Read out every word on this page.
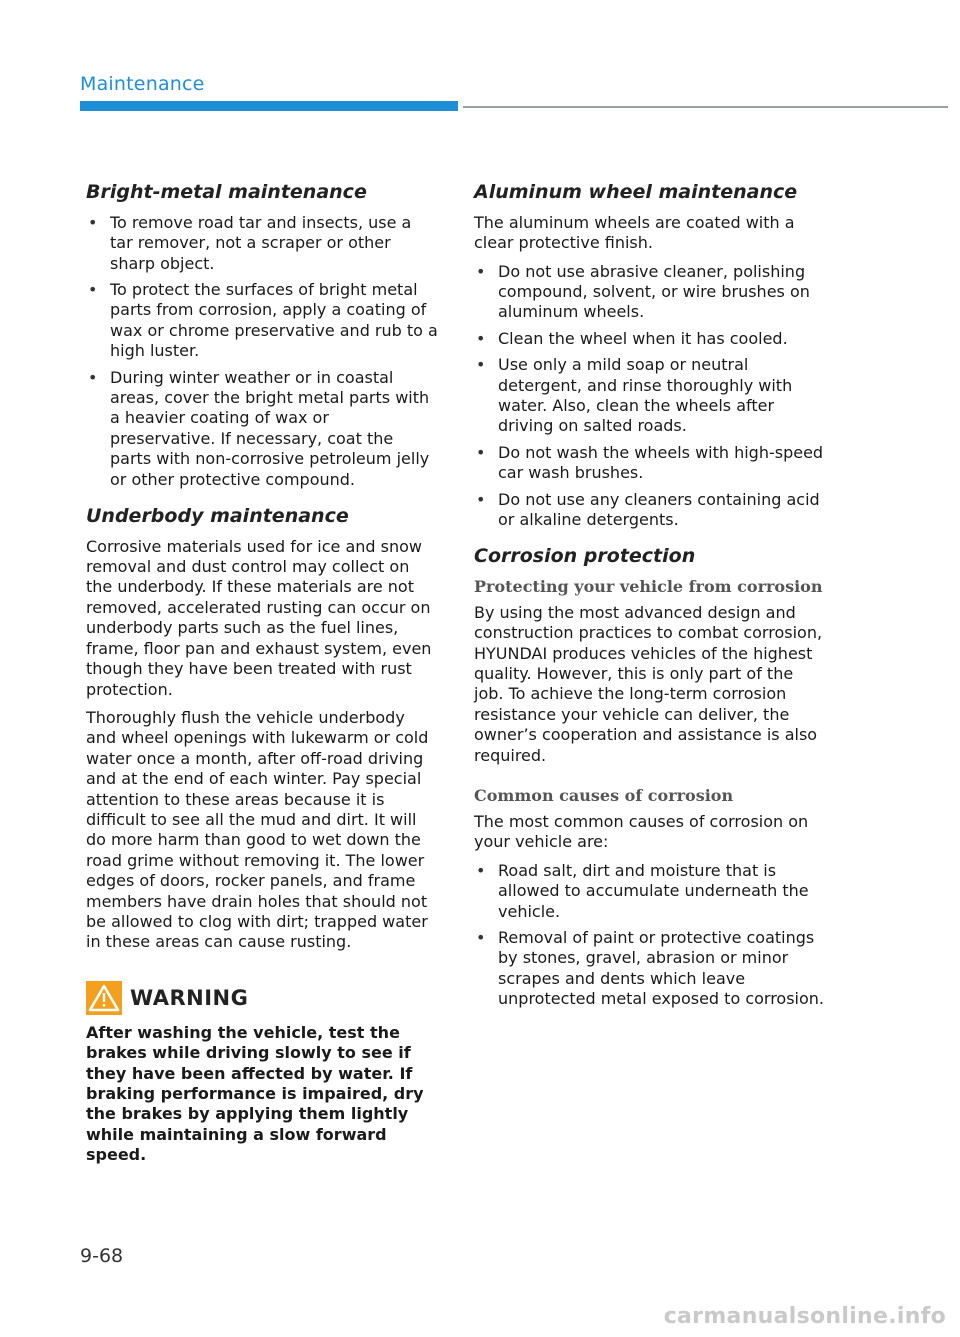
Maintenance
Bright-metal maintenance
• To remove road tar and insects, use a tar remover, not a scraper or other sharp object.
• To protect the surfaces of bright metal parts from corrosion, apply a coating of wax or chrome preservative and rub to a high luster.
• During winter weather or in coastal areas, cover the bright metal parts with a heavier coating of wax or preservative. If necessary, coat the parts with non-corrosive petroleum jelly or other protective compound.
Underbody maintenance

Corrosive materials used for ice and snow removal and dust control may collect on the underbody. If these materials are not removed, accelerated rusting can occur on underbody parts such as the fuel lines, frame, floor pan and exhaust system, even though they have been treated with rust protection.

Thoroughly flush the vehicle underbody and wheel openings with lukewarm or cold water once a month, after off-road driving and at the end of each winter. Pay special attention to these areas because it is difficult to see all the mud and dirt. It will do more harm than good to wet down the road grime without removing it. The lower edges of doors, rocker panels, and frame members have drain holes that should not be allowed to clog with dirt; trapped water in these areas can cause rusting.

WARNING

After washing the vehicle, test the brakes while driving slowly to see if they have been affected by water. If braking performance is impaired, dry the brakes by applying them lightly while maintaining a slow forward speed.

Aluminum wheel maintenance

The aluminum wheels are coated with a clear protective finish.

• Do not use abrasive cleaner, polishing compound, solvent, or wire brushes on aluminum wheels.
• Clean the wheel when it has cooled.
• Use only a mild soap or neutral detergent, and rinse thoroughly with water. Also, clean the wheels after driving on salted roads.
• Do not wash the wheels with high-speed car wash brushes.
• Do not use any cleaners containing acid or alkaline detergents.
Corrosion protection
Protecting your vehicle from corrosion

By using the most advanced design and construction practices to combat corrosion, HYUNDAI produces vehicles of the highest quality. However, this is only part of the job. To achieve the long-term corrosion resistance your vehicle can deliver, the owner’s cooperation and assistance is also required.

Common causes of corrosion

The most common causes of corrosion on your vehicle are:

• Road salt, dirt and moisture that is allowed to accumulate underneath the vehicle.
• Removal of paint or protective coatings by stones, gravel, abrasion or minor scrapes and dents which leave unprotected metal exposed to corrosion.
9-68
carmanualsonline.info
